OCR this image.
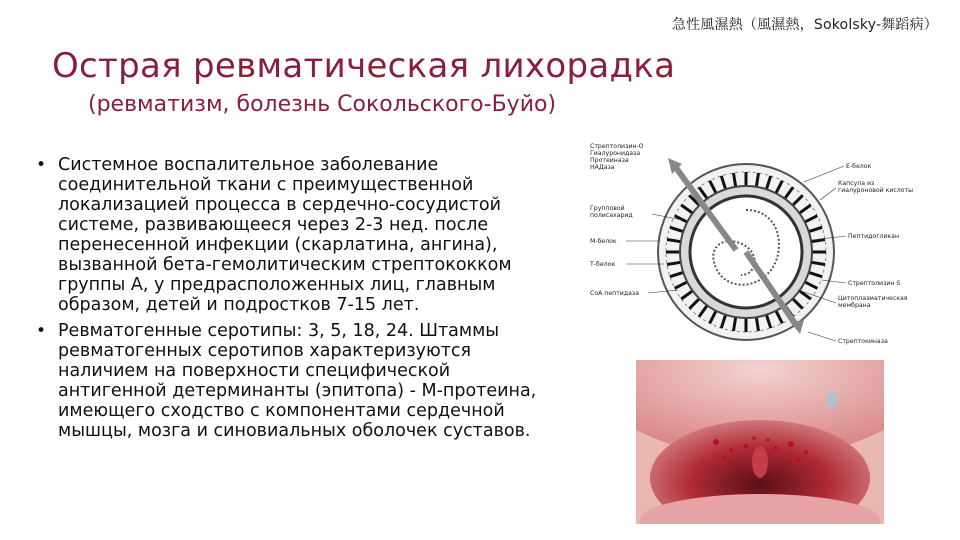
急性風濕熱（風濕熱，Sokolsky-舞蹈病）
Острая ревматическая лихорадка
(ревматизм, болезнь Сокольского-Буйо)
• Системное воспалительное заболевание
соединительной ткани с преимущественной
локализацией процесса в сердечно-сосудистой
системе, развивающееся через 2-3 нед. после
перенесенной инфекции (скарлатина, ангина),
вызванной бета-гемолитическим стрептококком
группы А, у предрасположенных лиц, главным
образом, детей и подростков 7-15 лет.
• Ревматогенные серотипы: 3, 5, 18, 24. Штаммы
ревматогенных серотипов характеризуются
наличием на поверхности специфической
антигенной детерминанты (эпитопа) - М-протеина,
имеющего сходство с компонентами сердечной
мышцы, мозга и синовиальных оболочек суставов.
Стрептолизин-О
Гиалуронидаза
Протеиназа
НАДаза
Групповой
полисахарид
М-белок
Т-белок
СоА пептидаза
Е-белок
Капсула из
гиалуроновой кислоты
Пептидогликан
Стрептолизин S
Цитоплазматическая
мембрана
Стрептокиназа
